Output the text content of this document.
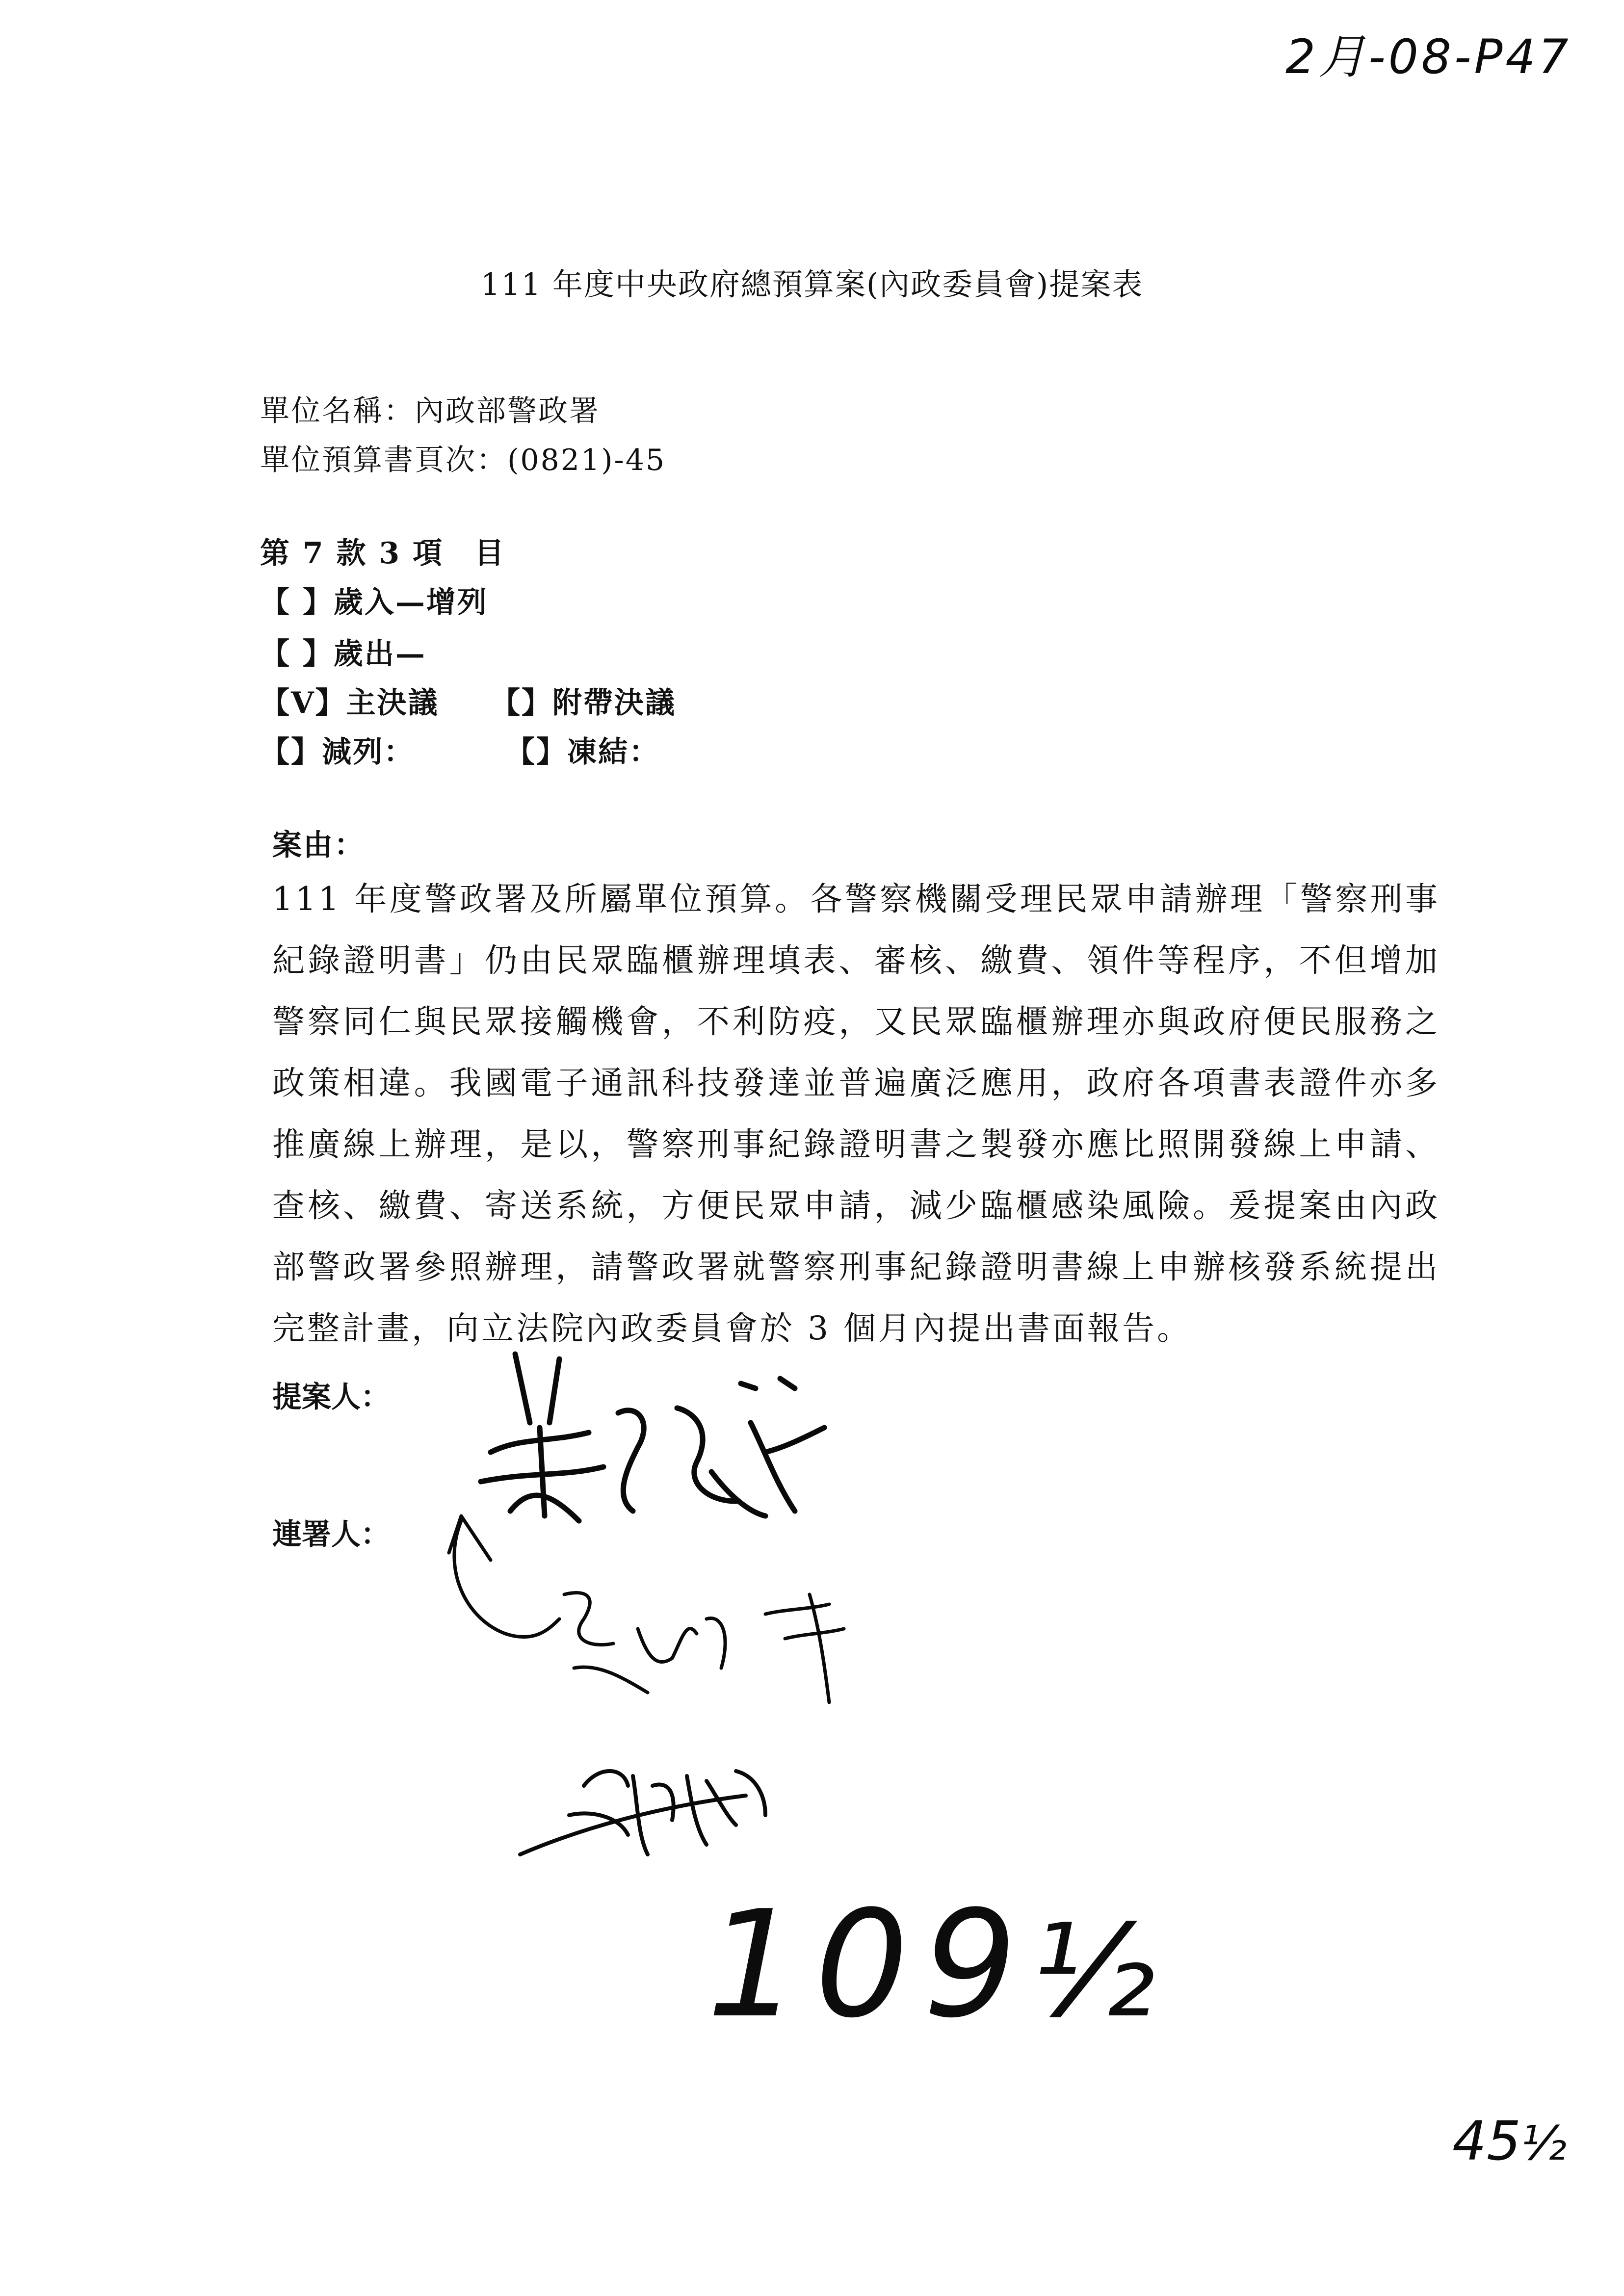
2月-08-P47
111 年度中央政府總預算案(內政委員會)提案表
單位名稱：內政部警政署
單位預算書頁次：(0821)-45
第 7 款 3 項　目
【 】歲入—增列
【 】歲出—
【V】主決議 【】附帶決議
【】減列：	【】凍結：
案由：
111 年度警政署及所屬單位預算。各警察機關受理民眾申請辦理「警察刑事紀錄證明書」仍由民眾臨櫃辦理填表、審核、繳費、領件等程序，不但增加警察同仁與民眾接觸機會，不利防疫，又民眾臨櫃辦理亦與政府便民服務之政策相違。我國電子通訊科技發達並普遍廣泛應用，政府各項書表證件亦多推廣線上辦理，是以，警察刑事紀錄證明書之製發亦應比照開發線上申請、查核、繳費、寄送系統，方便民眾申請，減少臨櫃感染風險。爰提案由內政部警政署參照辦理，請警政署就警察刑事紀錄證明書線上申辦核發系統提出完整計畫，向立法院內政委員會於 3 個月內提出書面報告。
提案人：
連署人：
109½
45½
